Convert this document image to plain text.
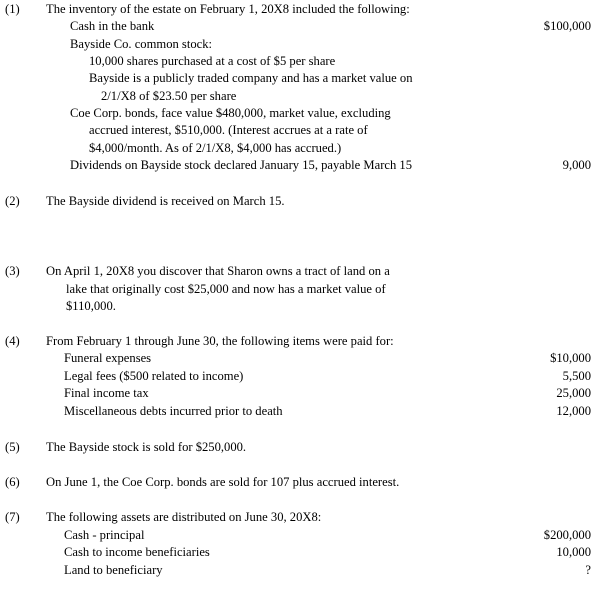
(1) The inventory of the estate on February 1, 20X8 included the following:
Cash in the bank	$100,000
Bayside Co. common stock:
10,000 shares purchased at a cost of $5 per share
Bayside is a publicly traded company and has a market value on
2/1/X8 of $23.50 per share
Coe Corp. bonds, face value $480,000, market value, excluding
accrued interest, $510,000. (Interest accrues at a rate of
$4,000/month. As of 2/1/X8, $4,000 has accrued.)
Dividends on Bayside stock declared January 15, payable March 15	9,000
(2) The Bayside dividend is received on March 15.
(3) On April 1, 20X8 you discover that Sharon owns a tract of land on a
lake that originally cost $25,000 and now has a market value of
$110,000.
(4) From February 1 through June 30, the following items were paid for:
Funeral expenses	$10,000
Legal fees ($500 related to income)	5,500
Final income tax	25,000
Miscellaneous debts incurred prior to death	12,000
(5) The Bayside stock is sold for $250,000.
(6) On June 1, the Coe Corp. bonds are sold for 107 plus accrued interest.
(7) The following assets are distributed on June 30, 20X8:
Cash - principal	$200,000
Cash to income beneficiaries	10,000
Land to beneficiary	?
